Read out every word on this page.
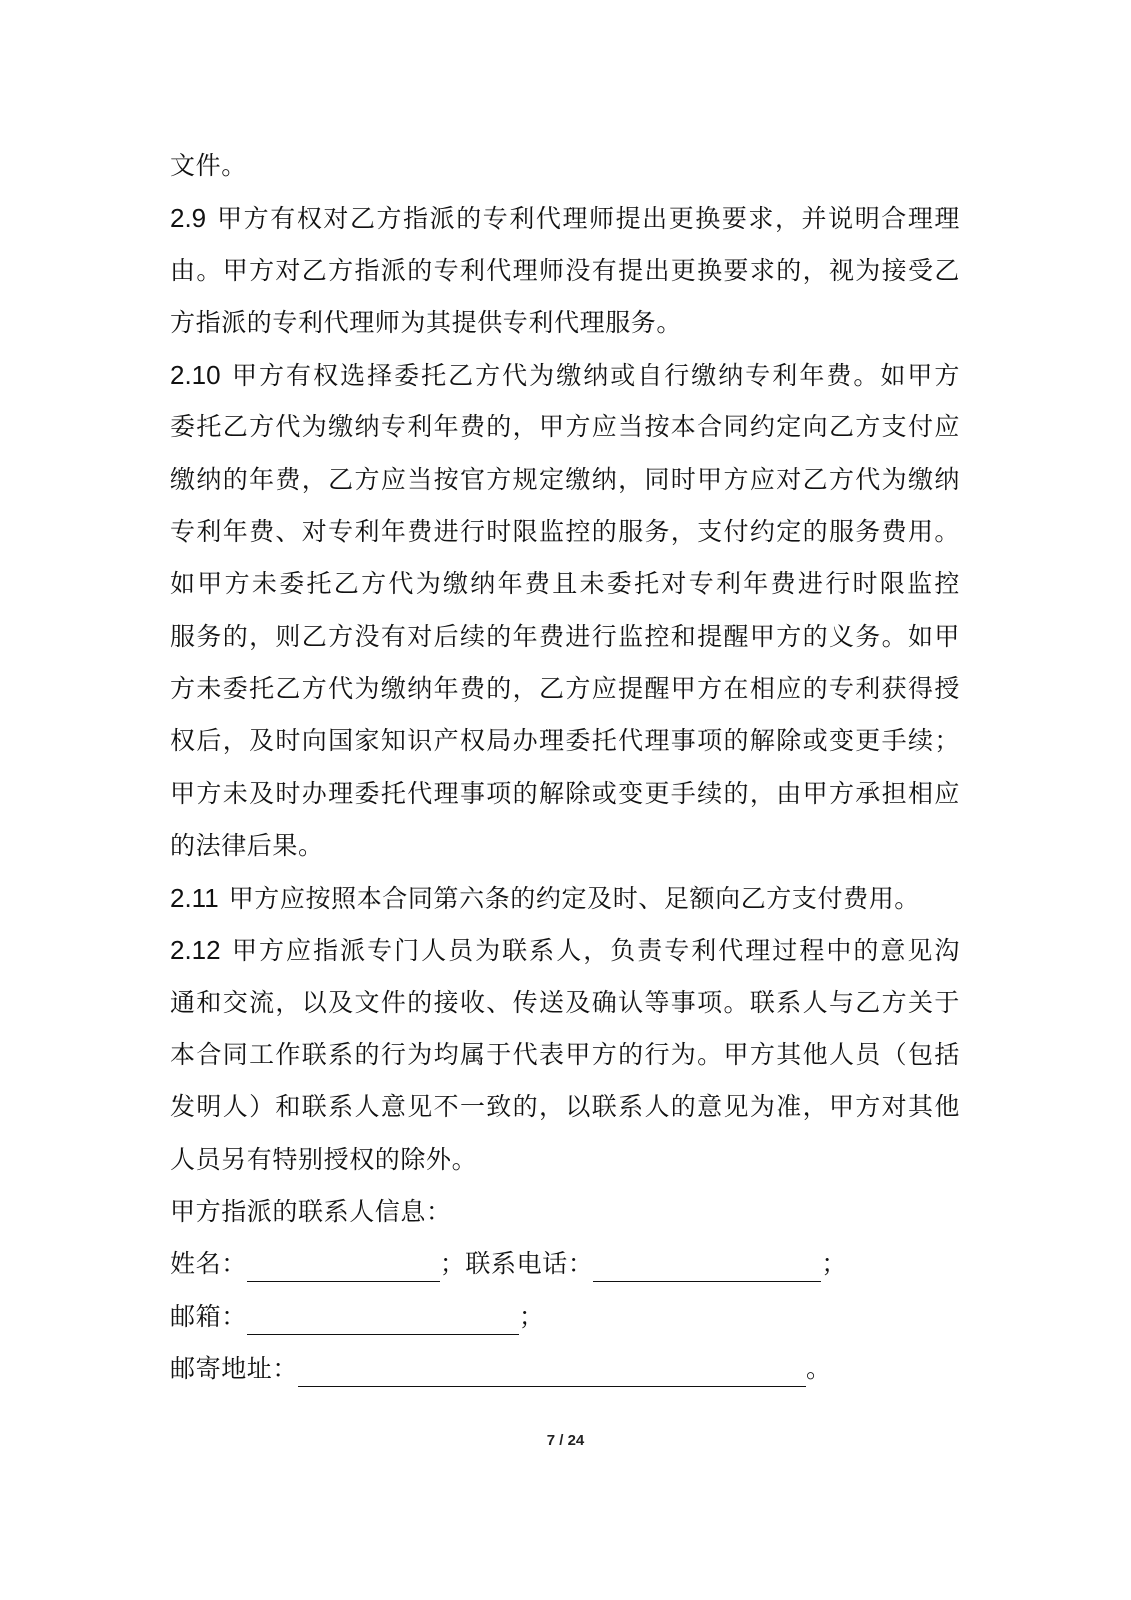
文件。
2.9 甲方有权对乙方指派的专利代理师提出更换要求，并说明合理理
由。甲方对乙方指派的专利代理师没有提出更换要求的，视为接受乙
方指派的专利代理师为其提供专利代理服务。
2.10 甲方有权选择委托乙方代为缴纳或自行缴纳专利年费。如甲方
委托乙方代为缴纳专利年费的，甲方应当按本合同约定向乙方支付应
缴纳的年费，乙方应当按官方规定缴纳，同时甲方应对乙方代为缴纳
专利年费、对专利年费进行时限监控的服务，支付约定的服务费用。
如甲方未委托乙方代为缴纳年费且未委托对专利年费进行时限监控
服务的，则乙方没有对后续的年费进行监控和提醒甲方的义务。如甲
方未委托乙方代为缴纳年费的，乙方应提醒甲方在相应的专利获得授
权后，及时向国家知识产权局办理委托代理事项的解除或变更手续；
甲方未及时办理委托代理事项的解除或变更手续的，由甲方承担相应
的法律后果。
2.11 甲方应按照本合同第六条的约定及时、足额向乙方支付费用。
2.12 甲方应指派专门人员为联系人，负责专利代理过程中的意见沟
通和交流，以及文件的接收、传送及确认等事项。联系人与乙方关于
本合同工作联系的行为均属于代表甲方的行为。甲方其他人员（包括
发明人）和联系人意见不一致的，以联系人的意见为准，甲方对其他
人员另有特别授权的除外。
甲方指派的联系人信息：
姓名：	；联系电话：	；
邮箱：	；
邮寄地址：	。
7 / 24
